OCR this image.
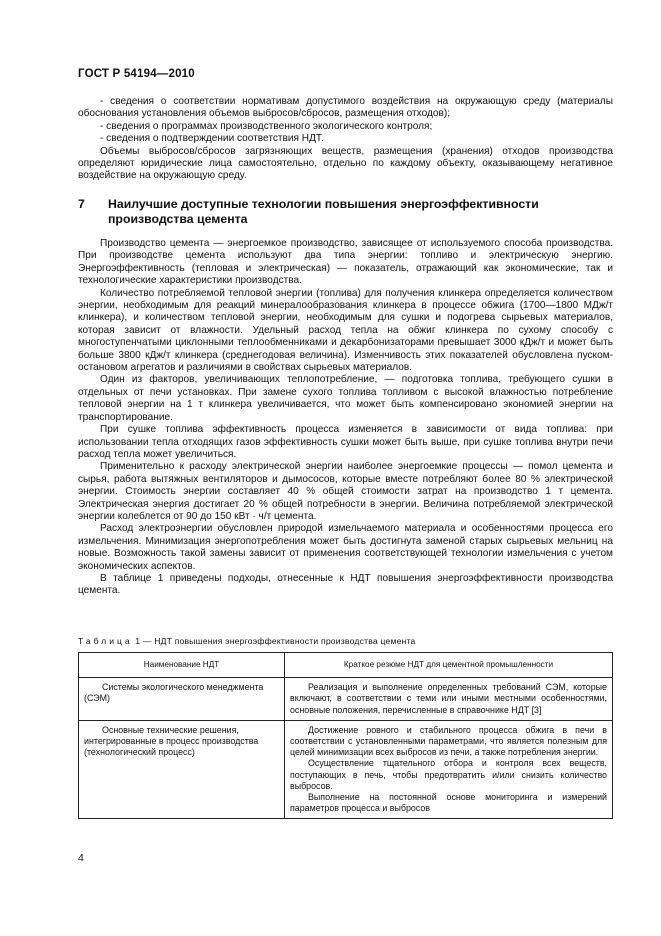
ГОСТ Р 54194—2010

- сведения о соответствии нормативам допустимого воздействия на окружающую среду (материалы обоснования установления объемов выбросов/сбросов, размещения отходов);

- сведения о программах производственного экологического контроля;

- сведения о подтверждении соответствия НДТ.

Объемы выбросов/сбросов загрязняющих веществ, размещения (хранения) отходов производства определяют юридические лица самостоятельно, отдельно по каждому объекту, оказывающему негативное воздействие на окружающую среду.

7 Наилучшие доступные технологии повышения энергоэффективности
производства цемента

Производство цемента — энергоемкое производство, зависящее от используемого способа производства. При производстве цемента используют два типа энергии: топливо и электрическую энергию. Энергоэффективность (тепловая и электрическая) — показатель, отражающий как экономические, так и технологические характеристики производства.

Количество потребляемой тепловой энергии (топлива) для получения клинкера определяется количеством энергии, необходимым для реакций минералообразования клинкера в процессе обжига (1700—1800 МДж/т клинкера), и количеством тепловой энергии, необходимым для сушки и подогрева сырьевых материалов, которая зависит от влажности. Удельный расход тепла на обжиг клинкера по сухому способу с многоступенчатыми циклонными теплообменниками и декарбонизаторами превышает 3000 кДж/т и может быть больше 3800 кДж/т клинкера (среднегодовая величина). Изменчивость этих показателей обусловлена пуском-остановом агрегатов и различиями в свойствах сырьевых материалов.

Один из факторов, увеличивающих теплопотребление, — подготовка топлива, требующего сушки в отдельных от печи установках. При замене сухого топлива топливом с высокой влажностью потребление тепловой энергии на 1 т клинкера увеличивается, что может быть компенсировано экономией энергии на транспортирование.

При сушке топлива эффективность процесса изменяется в зависимости от вида топлива: при использовании тепла отходящих газов эффективность сушки может быть выше, при сушке топлива внутри печи расход тепла может увеличиться.

Применительно к расходу электрической энергии наиболее энергоемкие процессы — помол цемента и сырья, работа вытяжных вентиляторов и дымососов, которые вместе потребляют более 80 % электрической энергии. Стоимость энергии составляет 40 % общей стоимости затрат на производство 1 т цемента. Электрическая энергия достигает 20 % общей потребности в энергии. Величина потребляемой электрической энергии колеблется от 90 до 150 кВт · ч/т цемента.

Расход электроэнергии обусловлен природой измельчаемого материала и особенностями процесса его измельчения. Минимизация энергопотребления может быть достигнута заменой старых сырьевых мельниц на новые. Возможность такой замены зависит от применения соответствующей технологии измельчения с учетом экономических аспектов.

В таблице 1 приведены подходы, отнесенные к НДТ повышения энергоэффективности производства цемента.

Таблица 1 — НДТ повышения энергоэффективности производства цемента
Наименование НДТ	Краткое резюме НДТ для цементной промышленности

Системы экологического менеджмента (СЭМ)	Реализация и выполнение определенных требований СЭМ, которые включают, в соответствии с теми или иными местными особенностями, основные положения, перечисленные в справочнике НДТ [3]

Основные технические решения, интегрированные в процесс производства (технологический процесс)	Достижение ровного и стабильного процесса обжига в печи в соответствии с установленными параметрами, что является полезным для целей минимизации всех выбросов из печи, а также потребления энергии.

Осуществление тщательного отбора и контроля всех веществ, поступающих в печь, чтобы предотвратить и/или снизить количество выбросов.

Выполнение на постоянной основе мониторинга и измерений параметров процесса и выбросов

4
